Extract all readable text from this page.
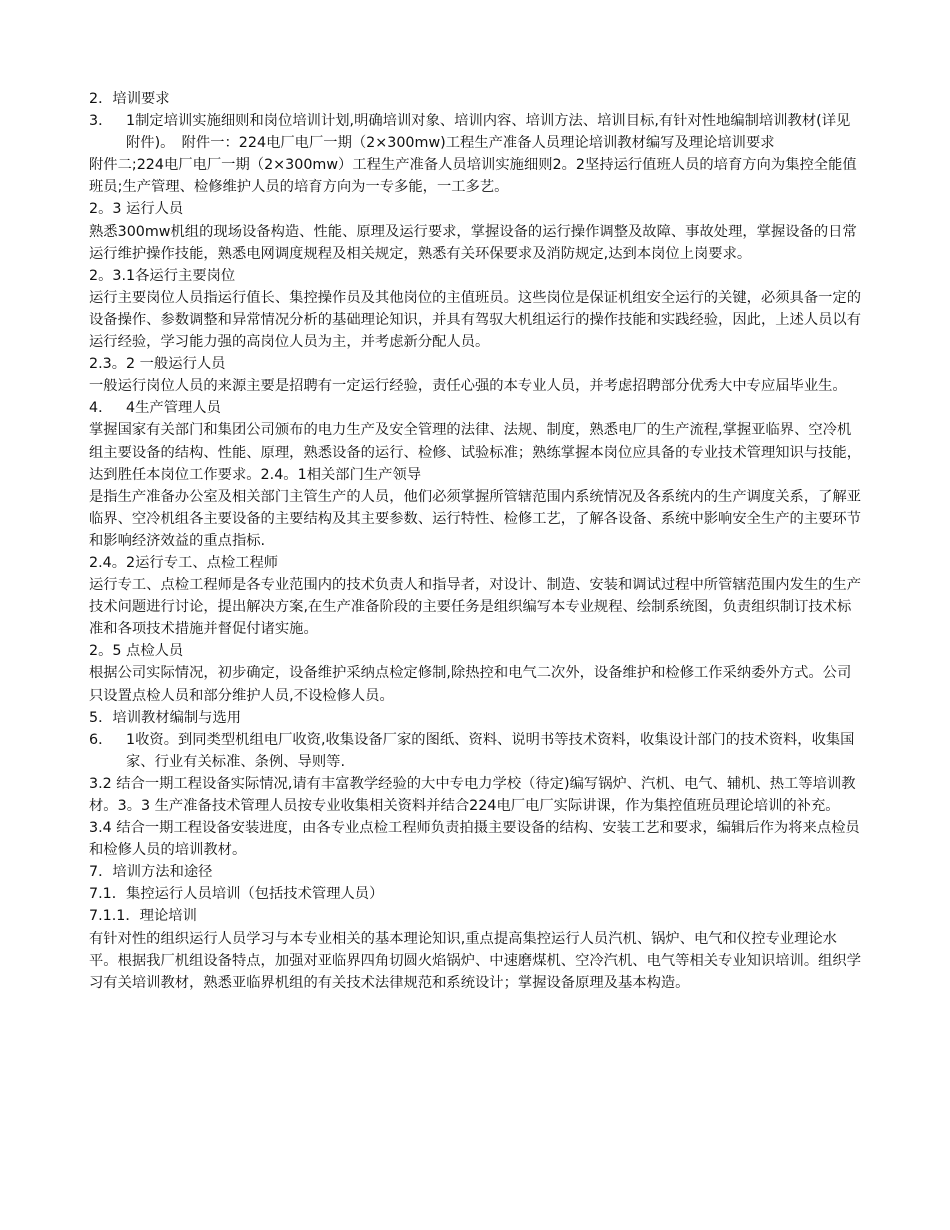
2．培训要求

3． 1制定培训实施细则和岗位培训计划,明确培训对象、培训内容、培训方法、培训目标,有针对性地编制培训教材(详见附件)。　附件一：224电厂电厂一期（2×300mw)工程生产准备人员理论培训教材编写及理论培训要求

附件二;224电厂电厂一期（2×300mw）工程生产准备人员培训实施细则2。2坚持运行值班人员的培育方向为集控全能值班员;生产管理、检修维护人员的培育方向为一专多能，一工多艺。

2。3 运行人员

熟悉300mw机组的现场设备构造、性能、原理及运行要求，掌握设备的运行操作调整及故障、事故处理，掌握设备的日常运行维护操作技能，熟悉电网调度规程及相关规定，熟悉有关环保要求及消防规定,达到本岗位上岗要求。

2。3.1各运行主要岗位

运行主要岗位人员指运行值长、集控操作员及其他岗位的主值班员。这些岗位是保证机组安全运行的关键，必须具备一定的设备操作、参数调整和异常情况分析的基础理论知识，并具有驾驭大机组运行的操作技能和实践经验，因此，上述人员以有运行经验，学习能力强的高岗位人员为主，并考虑新分配人员。

2.3。2 一般运行人员

一般运行岗位人员的来源主要是招聘有一定运行经验，责任心强的本专业人员，并考虑招聘部分优秀大中专应届毕业生。

4． 4生产管理人员

掌握国家有关部门和集团公司颁布的电力生产及安全管理的法律、法规、制度，熟悉电厂的生产流程,掌握亚临界、空冷机组主要设备的结构、性能、原理，熟悉设备的运行、检修、试验标准；熟练掌握本岗位应具备的专业技术管理知识与技能，达到胜任本岗位工作要求。2.4。1相关部门生产领导

是指生产准备办公室及相关部门主管生产的人员，他们必须掌握所管辖范围内系统情况及各系统内的生产调度关系，了解亚临界、空冷机组各主要设备的主要结构及其主要参数、运行特性、检修工艺，了解各设备、系统中影响安全生产的主要环节和影响经济效益的重点指标.

2.4。2运行专工、点检工程师

运行专工、点检工程师是各专业范围内的技术负责人和指导者，对设计、制造、安装和调试过程中所管辖范围内发生的生产技术问题进行讨论，提出解决方案,在生产准备阶段的主要任务是组织编写本专业规程、绘制系统图，负责组织制订技术标准和各项技术措施并督促付诸实施。

2。5 点检人员

根据公司实际情况，初步确定，设备维护采纳点检定修制,除热控和电气二次外，设备维护和检修工作采纳委外方式。公司只设置点检人员和部分维护人员,不设检修人员。

5．培训教材编制与选用

6． 1收资。到同类型机组电厂收资,收集设备厂家的图纸、资料、说明书等技术资料，收集设计部门的技术资料，收集国家、行业有关标准、条例、导则等.

3.2 结合一期工程设备实际情况,请有丰富教学经验的大中专电力学校（待定)编写锅炉、汽机、电气、辅机、热工等培训教材。3。3 生产准备技术管理人员按专业收集相关资料并结合224电厂电厂实际讲课，作为集控值班员理论培训的补充。

3.4 结合一期工程设备安装进度，由各专业点检工程师负责拍摄主要设备的结构、安装工艺和要求，编辑后作为将来点检员和检修人员的培训教材。

7．培训方法和途径

7.1．集控运行人员培训（包括技术管理人员）

7.1.1．理论培训

有针对性的组织运行人员学习与本专业相关的基本理论知识,重点提高集控运行人员汽机、锅炉、电气和仪控专业理论水平。根据我厂机组设备特点，加强对亚临界四角切圆火焰锅炉、中速磨煤机、空冷汽机、电气等相关专业知识培训。组织学习有关培训教材，熟悉亚临界机组的有关技术法律规范和系统设计；掌握设备原理及基本构造。
